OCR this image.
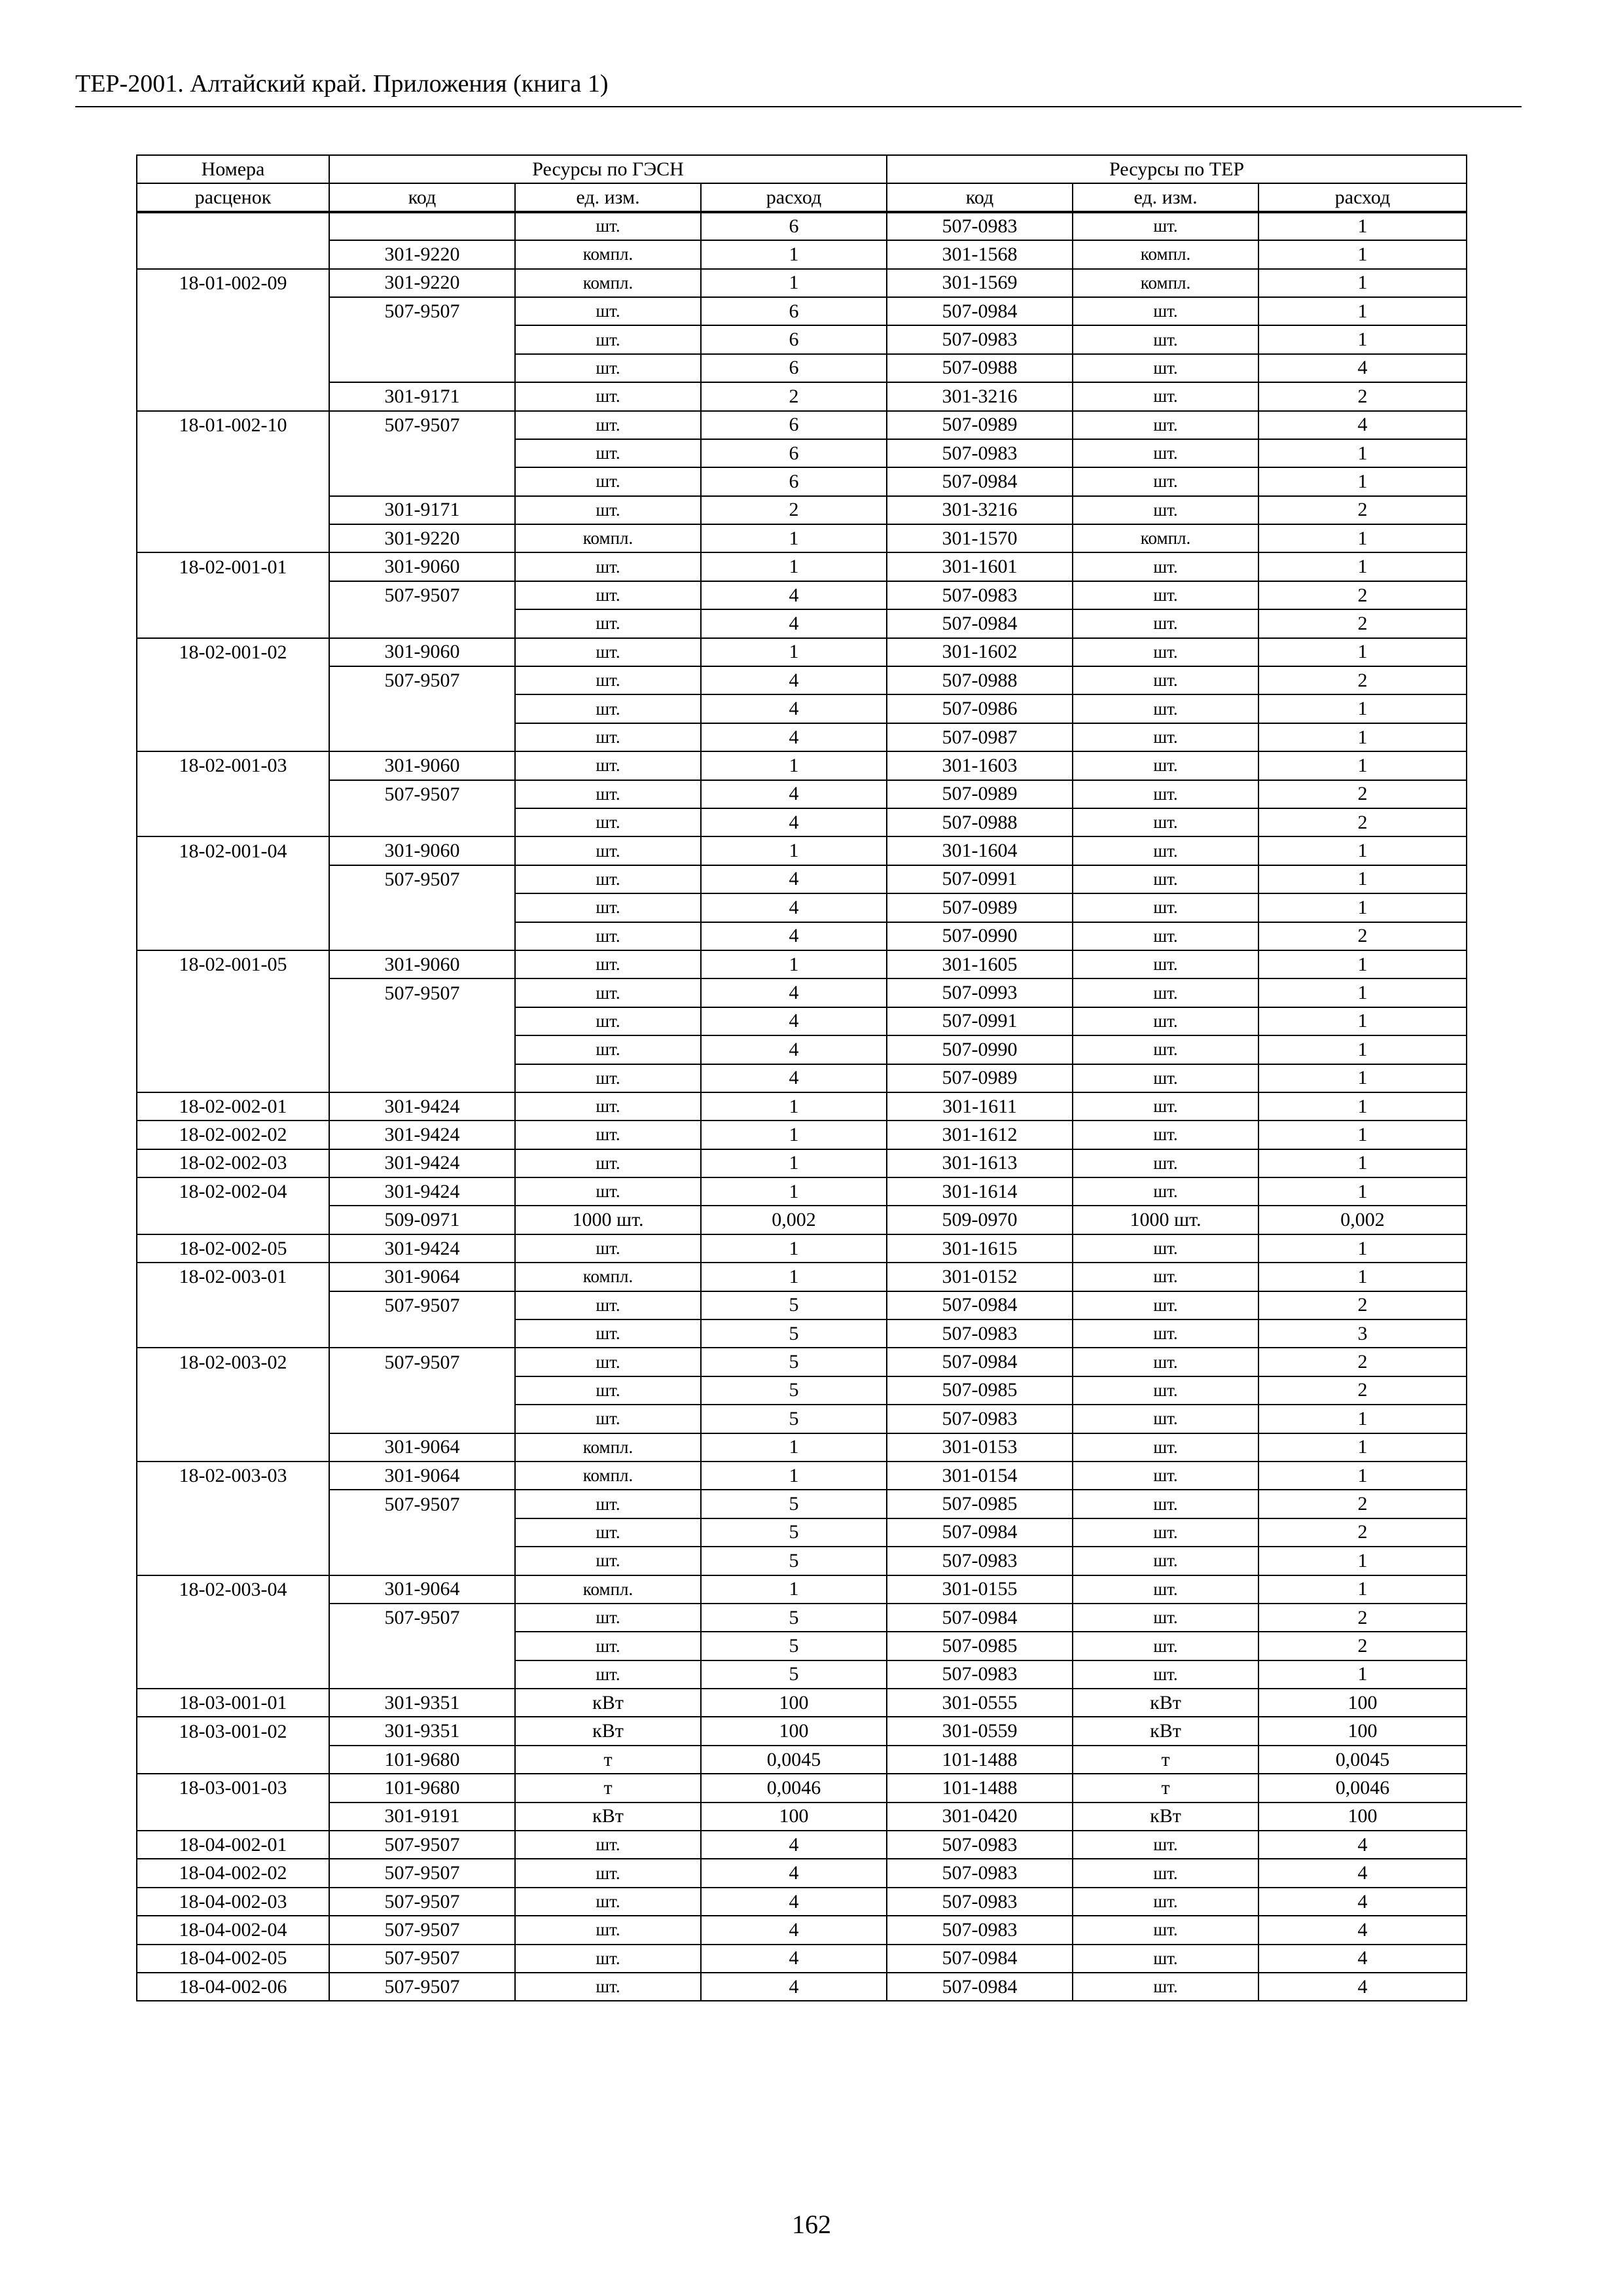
ТЕР-2001. Алтайский край. Приложения (книга 1)
Номера	Ресурсы по ГЭСН			Ресурсы по ТЕР		
расценок	код	ед. изм.	расход	код	ед. изм.	расход
		шт.	6	507-0983	шт.	1
	301-9220	компл.	1	301-1568	компл.	1
18-01-002-09	301-9220	компл.	1	301-1569	компл.	1
	507-9507	шт.	6	507-0984	шт.	1
		шт.	6	507-0983	шт.	1
		шт.	6	507-0988	шт.	4
	301-9171	шт.	2	301-3216	шт.	2
18-01-002-10	507-9507	шт.	6	507-0989	шт.	4
		шт.	6	507-0983	шт.	1
		шт.	6	507-0984	шт.	1
	301-9171	шт.	2	301-3216	шт.	2
	301-9220	компл.	1	301-1570	компл.	1
18-02-001-01	301-9060	шт.	1	301-1601	шт.	1
	507-9507	шт.	4	507-0983	шт.	2
		шт.	4	507-0984	шт.	2
18-02-001-02	301-9060	шт.	1	301-1602	шт.	1
	507-9507	шт.	4	507-0988	шт.	2
		шт.	4	507-0986	шт.	1
		шт.	4	507-0987	шт.	1
18-02-001-03	301-9060	шт.	1	301-1603	шт.	1
	507-9507	шт.	4	507-0989	шт.	2
		шт.	4	507-0988	шт.	2
18-02-001-04	301-9060	шт.	1	301-1604	шт.	1
	507-9507	шт.	4	507-0991	шт.	1
		шт.	4	507-0989	шт.	1
		шт.	4	507-0990	шт.	2
18-02-001-05	301-9060	шт.	1	301-1605	шт.	1
	507-9507	шт.	4	507-0993	шт.	1
		шт.	4	507-0991	шт.	1
		шт.	4	507-0990	шт.	1
		шт.	4	507-0989	шт.	1
18-02-002-01	301-9424	шт.	1	301-1611	шт.	1
18-02-002-02	301-9424	шт.	1	301-1612	шт.	1
18-02-002-03	301-9424	шт.	1	301-1613	шт.	1
18-02-002-04	301-9424	шт.	1	301-1614	шт.	1
	509-0971	1000 шт.	0,002	509-0970	1000 шт.	0,002
18-02-002-05	301-9424	шт.	1	301-1615	шт.	1
18-02-003-01	301-9064	компл.	1	301-0152	шт.	1
	507-9507	шт.	5	507-0984	шт.	2
		шт.	5	507-0983	шт.	3
18-02-003-02	507-9507	шт.	5	507-0984	шт.	2
		шт.	5	507-0985	шт.	2
		шт.	5	507-0983	шт.	1
	301-9064	компл.	1	301-0153	шт.	1
18-02-003-03	301-9064	компл.	1	301-0154	шт.	1
	507-9507	шт.	5	507-0985	шт.	2
		шт.	5	507-0984	шт.	2
		шт.	5	507-0983	шт.	1
18-02-003-04	301-9064	компл.	1	301-0155	шт.	1
	507-9507	шт.	5	507-0984	шт.	2
		шт.	5	507-0985	шт.	2
		шт.	5	507-0983	шт.	1
18-03-001-01	301-9351	кВт	100	301-0555	кВт	100
18-03-001-02	301-9351	кВт	100	301-0559	кВт	100
	101-9680	т	0,0045	101-1488	т	0,0045
18-03-001-03	101-9680	т	0,0046	101-1488	т	0,0046
	301-9191	кВт	100	301-0420	кВт	100
18-04-002-01	507-9507	шт.	4	507-0983	шт.	4
18-04-002-02	507-9507	шт.	4	507-0983	шт.	4
18-04-002-03	507-9507	шт.	4	507-0983	шт.	4
18-04-002-04	507-9507	шт.	4	507-0983	шт.	4
18-04-002-05	507-9507	шт.	4	507-0984	шт.	4
18-04-002-06	507-9507	шт.	4	507-0984	шт.	4
162
